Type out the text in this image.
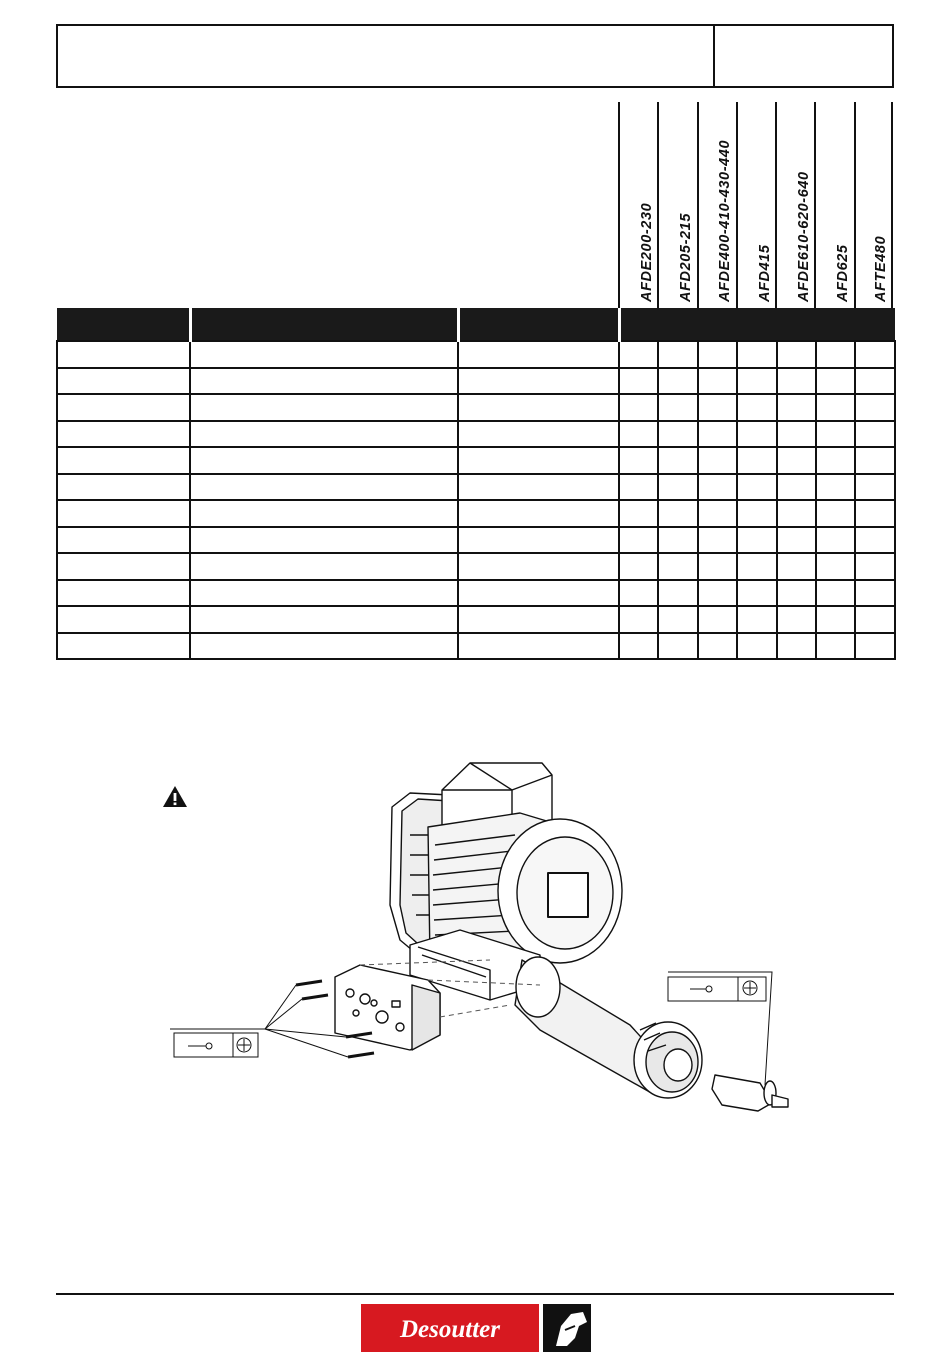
AFDE200-230 AFD205-215 AFDE400-410-430-440 AFD415 AFDE610-620-640 AFD625 AFTE480

Desoutter
